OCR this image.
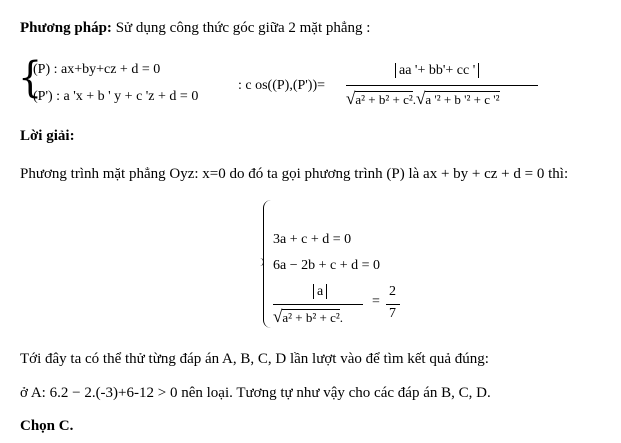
Phương pháp: Sử dụng công thức góc giữa 2 mặt phẳng :
{
(P) : ax+by+cz + d = 0
(P') : a 'x + b ' y + c 'z + d = 0
: c os((P),(P'))=
aa '+ bb'+ cc '
√a² + b² + c².√a '² + b '² + c '²
Lời giải:
Phương trình mặt phẳng Oyz: x=0 do đó ta gọi phương trình (P) là ax + by + cz + d = 0 thì:
3a + c + d = 0
6a − 2b + c + d = 0
a
√a² + b² + c².
=
2
7
Tới đây ta có thể thử từng đáp án A, B, C, D lần lượt vào để tìm kết quả đúng:
ở A: 6.2 − 2.(-3)+6-12 > 0 nên loại. Tương tự như vậy cho các đáp án B, C, D.
Chọn C.
